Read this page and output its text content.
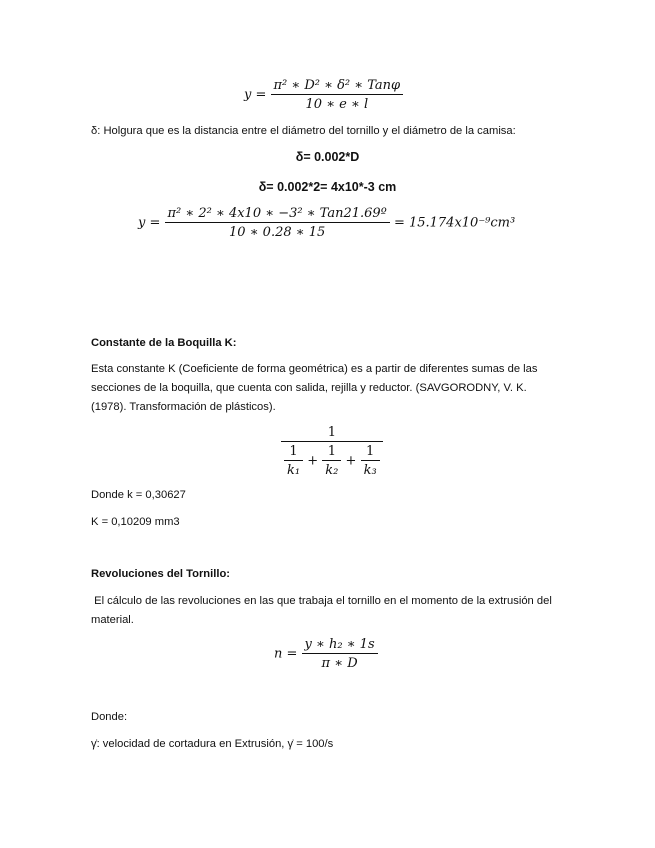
$y = \frac{\text{π² ∗ D² ∗ δ² ∗ Tanφ}}{10 ∗ e ∗ l}$
δ: Holgura que es la distancia entre el diámetro del tornillo y el diámetro de la camisa:
δ= 0.002*D
δ= 0.002*2= 4x10*-3 cm
$y = \frac{\text{π² ∗ 2² ∗ 4x10 ∗ −3² ∗ Tan21.69º}}{10 ∗ 0.28 ∗ 15} = 15.174x10^{-9}cm^3$
Constante de la Boquilla K:
Esta constante K (Coeficiente de forma geométrica) es a partir de diferentes sumas de las secciones de la boquilla, que cuenta con salida, rejilla y reductor. (SAVGORODNY, V. K. (1978). Transformación de plásticos).
1
$\frac{1}{\text{k₁}} + \frac{1}{\text{k₂}} + \frac{1}{\text{k₃}}$
Donde k = 0,30627
K = 0,10209 mm3
Revoluciones del Tornillo:
El cálculo de las revoluciones en las que trabaja el tornillo en el momento de la extrusión del material.
$n = \frac{\text{y ∗ h₂ ∗ 1s}}{\pi ∗ D}$
Donde:
γ̇: velocidad de cortadura en Extrusión, γ̇ = 100/s
